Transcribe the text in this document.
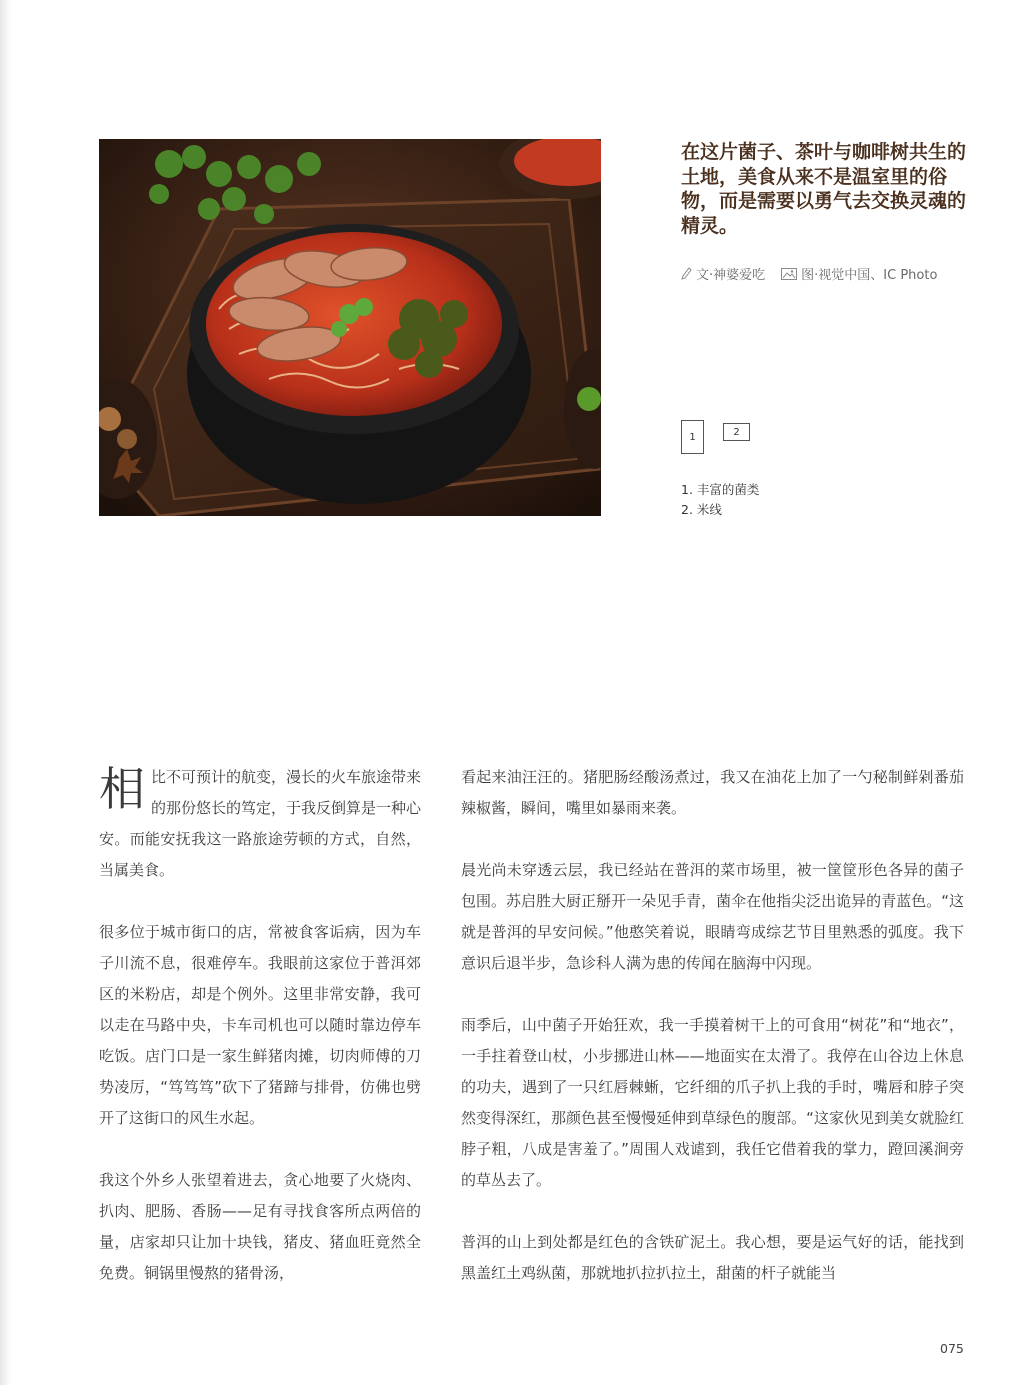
在这片菌子、茶叶与咖啡树共生的土地，美食从来不是温室里的俗物，而是需要以勇气去交换灵魂的精灵。
文·神婆爱吃	图·视觉中国、IC Photo
1	2
1. 丰富的菌类
2. 米线

相比不可预计的航变，漫长的火车旅途带来的那份悠长的笃定，于我反倒算是一种心安。而能安抚我这一路旅途劳顿的方式，自然，当属美食。

很多位于城市街口的店，常被食客诟病，因为车子川流不息，很难停车。我眼前这家位于普洱郊区的米粉店，却是个例外。这里非常安静，我可以走在马路中央，卡车司机也可以随时靠边停车吃饭。店门口是一家生鲜猪肉摊，切肉师傅的刀势凌厉，“笃笃笃”砍下了猪蹄与排骨，仿佛也劈开了这街口的风生水起。

我这个外乡人张望着进去，贪心地要了火烧肉、扒肉、肥肠、香肠——足有寻找食客所点两倍的量，店家却只让加十块钱，猪皮、猪血旺竟然全免费。铜锅里慢熬的猪骨汤，

看起来油汪汪的。猪肥肠经酸汤煮过，我又在油花上加了一勺秘制鲜剁番茄辣椒酱，瞬间，嘴里如暴雨来袭。

晨光尚未穿透云层，我已经站在普洱的菜市场里，被一筐筐形色各异的菌子包围。苏启胜大厨正掰开一朵见手青，菌伞在他指尖泛出诡异的青蓝色。“这就是普洱的早安问候。”他憨笑着说，眼睛弯成综艺节目里熟悉的弧度。我下意识后退半步，急诊科人满为患的传闻在脑海中闪现。

雨季后，山中菌子开始狂欢，我一手摸着树干上的可食用“树花”和“地衣”，一手拄着登山杖，小步挪进山林——地面实在太滑了。我停在山谷边上休息的功夫，遇到了一只红唇棘蜥，它纤细的爪子扒上我的手时，嘴唇和脖子突然变得深红，那颜色甚至慢慢延伸到草绿色的腹部。“这家伙见到美女就脸红脖子粗，八成是害羞了。”周围人戏谑到，我任它借着我的掌力，蹬回溪涧旁的草丛去了。

普洱的山上到处都是红色的含铁矿泥土。我心想，要是运气好的话，能找到黑盖红土鸡纵菌，那就地扒拉扒拉土，甜菌的杆子就能当

075
